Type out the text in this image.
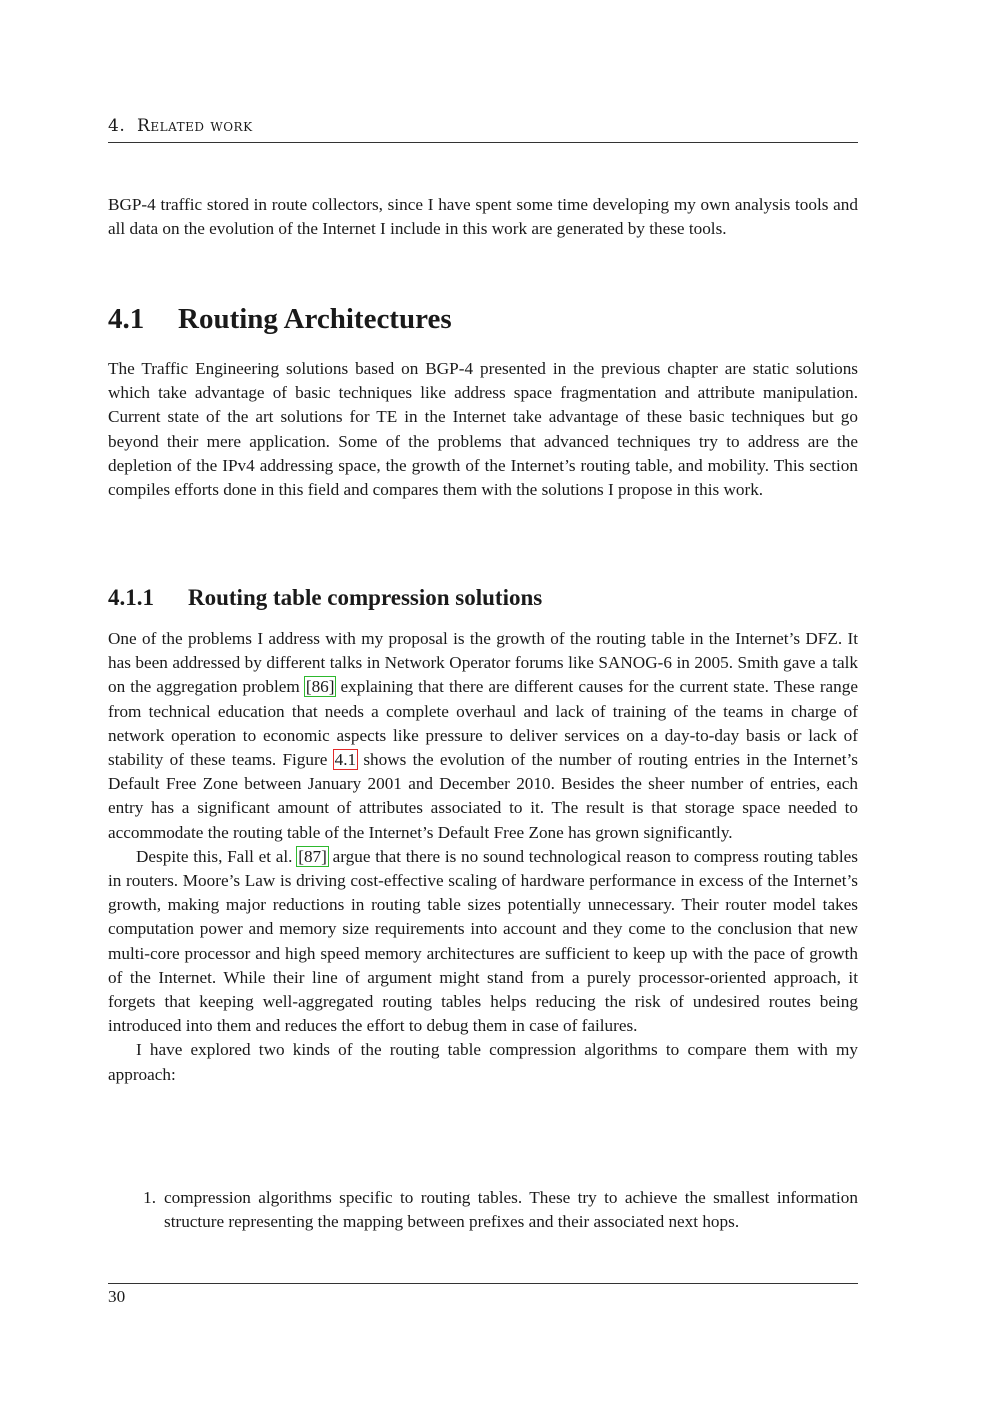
4. Related work

BGP-4 traffic stored in route collectors, since I have spent some time developing my own analysis tools and all data on the evolution of the Internet I include in this work are generated by these tools.

4.1 Routing Architectures

The Traffic Engineering solutions based on BGP-4 presented in the previous chapter are static solutions which take advantage of basic techniques like address space fragmentation and attribute manipulation. Current state of the art solutions for TE in the Internet take advantage of these basic techniques but go beyond their mere application. Some of the problems that advanced techniques try to address are the depletion of the IPv4 addressing space, the growth of the Internet’s routing table, and mobility. This section compiles efforts done in this field and compares them with the solutions I propose in this work.

4.1.1 Routing table compression solutions

One of the problems I address with my proposal is the growth of the routing table in the Internet’s DFZ. It has been addressed by different talks in Network Operator forums like SANOG-6 in 2005. Smith gave a talk on the aggregation problem [86] explaining that there are different causes for the current state. These range from technical education that needs a complete overhaul and lack of training of the teams in charge of network operation to economic aspects like pressure to deliver services on a day-to-day basis or lack of stability of these teams. Figure 4.1 shows the evolution of the number of routing entries in the Internet’s Default Free Zone between January 2001 and December 2010. Besides the sheer number of entries, each entry has a significant amount of attributes associated to it. The result is that storage space needed to accommodate the routing table of the Internet’s Default Free Zone has grown significantly.

Despite this, Fall et al. [87] argue that there is no sound technological reason to compress routing tables in routers. Moore’s Law is driving cost-effective scaling of hardware performance in excess of the Internet’s growth, making major reductions in routing table sizes potentially unnecessary. Their router model takes computation power and memory size requirements into account and they come to the conclusion that new multi-core processor and high speed memory architectures are sufficient to keep up with the pace of growth of the Internet. While their line of argument might stand from a purely processor-oriented approach, it forgets that keeping well-aggregated routing tables helps reducing the risk of undesired routes being introduced into them and reduces the effort to debug them in case of failures.

I have explored two kinds of the routing table compression algorithms to compare them with my approach:

1. compression algorithms specific to routing tables. These try to achieve the smallest information structure representing the mapping between prefixes and their associated next hops.
30
